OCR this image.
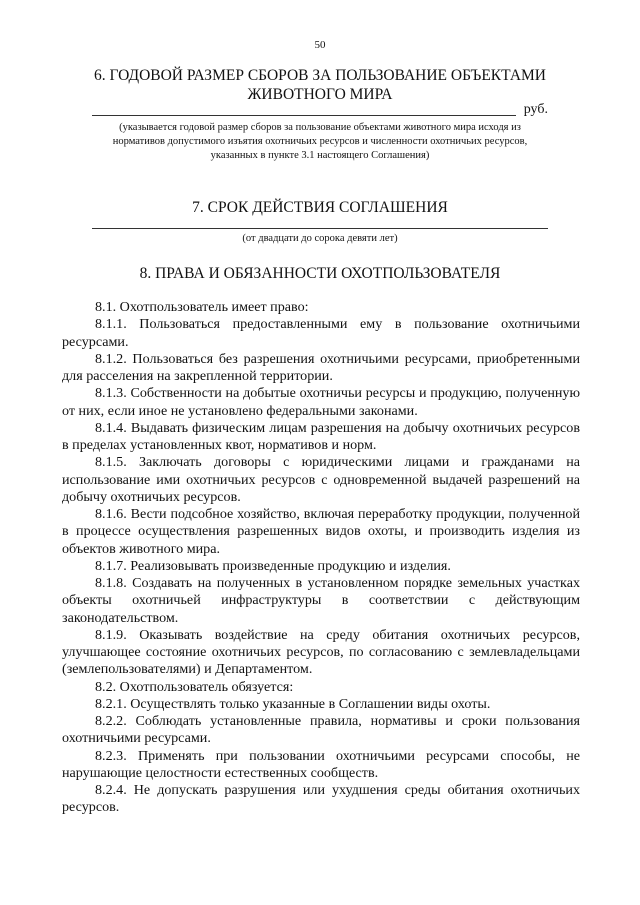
50
6. ГОДОВОЙ РАЗМЕР СБОРОВ ЗА ПОЛЬЗОВАНИЕ ОБЪЕКТАМИ ЖИВОТНОГО МИРА
руб.
(указывается годовой размер сборов за пользование объектами животного мира исходя из нормативов допустимого изъятия охотничьих ресурсов и численности охотничьих ресурсов, указанных в пункте 3.1 настоящего Соглашения)
7. СРОК ДЕЙСТВИЯ СОГЛАШЕНИЯ
(от двадцати до сорока девяти лет)
8. ПРАВА И ОБЯЗАННОСТИ ОХОТПОЛЬЗОВАТЕЛЯ

8.1. Охотпользователь имеет право:

8.1.1. Пользоваться предоставленными ему в пользование охотничьими ресурсами.

8.1.2. Пользоваться без разрешения охотничьими ресурсами, приобретенными для расселения на закрепленной территории.

8.1.3. Собственности на добытые охотничьи ресурсы и продукцию, полученную от них, если иное не установлено федеральными законами.

8.1.4. Выдавать физическим лицам разрешения на добычу охотничьих ресурсов в пределах установленных квот, нормативов и норм.

8.1.5. Заключать договоры с юридическими лицами и гражданами на использование ими охотничьих ресурсов с одновременной выдачей разрешений на добычу охотничьих ресурсов.

8.1.6. Вести подсобное хозяйство, включая переработку продукции, полученной в процессе осуществления разрешенных видов охоты, и производить изделия из объектов животного мира.

8.1.7. Реализовывать произведенные продукцию и изделия.

8.1.8. Создавать на полученных в установленном порядке земельных участках объекты охотничьей инфраструктуры в соответствии с действующим законодательством.

8.1.9. Оказывать воздействие на среду обитания охотничьих ресурсов, улучшающее состояние охотничьих ресурсов, по согласованию с землевладельцами (землепользователями) и Департаментом.

8.2. Охотпользователь обязуется:

8.2.1. Осуществлять только указанные в Соглашении виды охоты.

8.2.2. Соблюдать установленные правила, нормативы и сроки пользования охотничьими ресурсами.

8.2.3. Применять при пользовании охотничьими ресурсами способы, не нарушающие целостности естественных сообществ.

8.2.4. Не допускать разрушения или ухудшения среды обитания охотничьих ресурсов.
